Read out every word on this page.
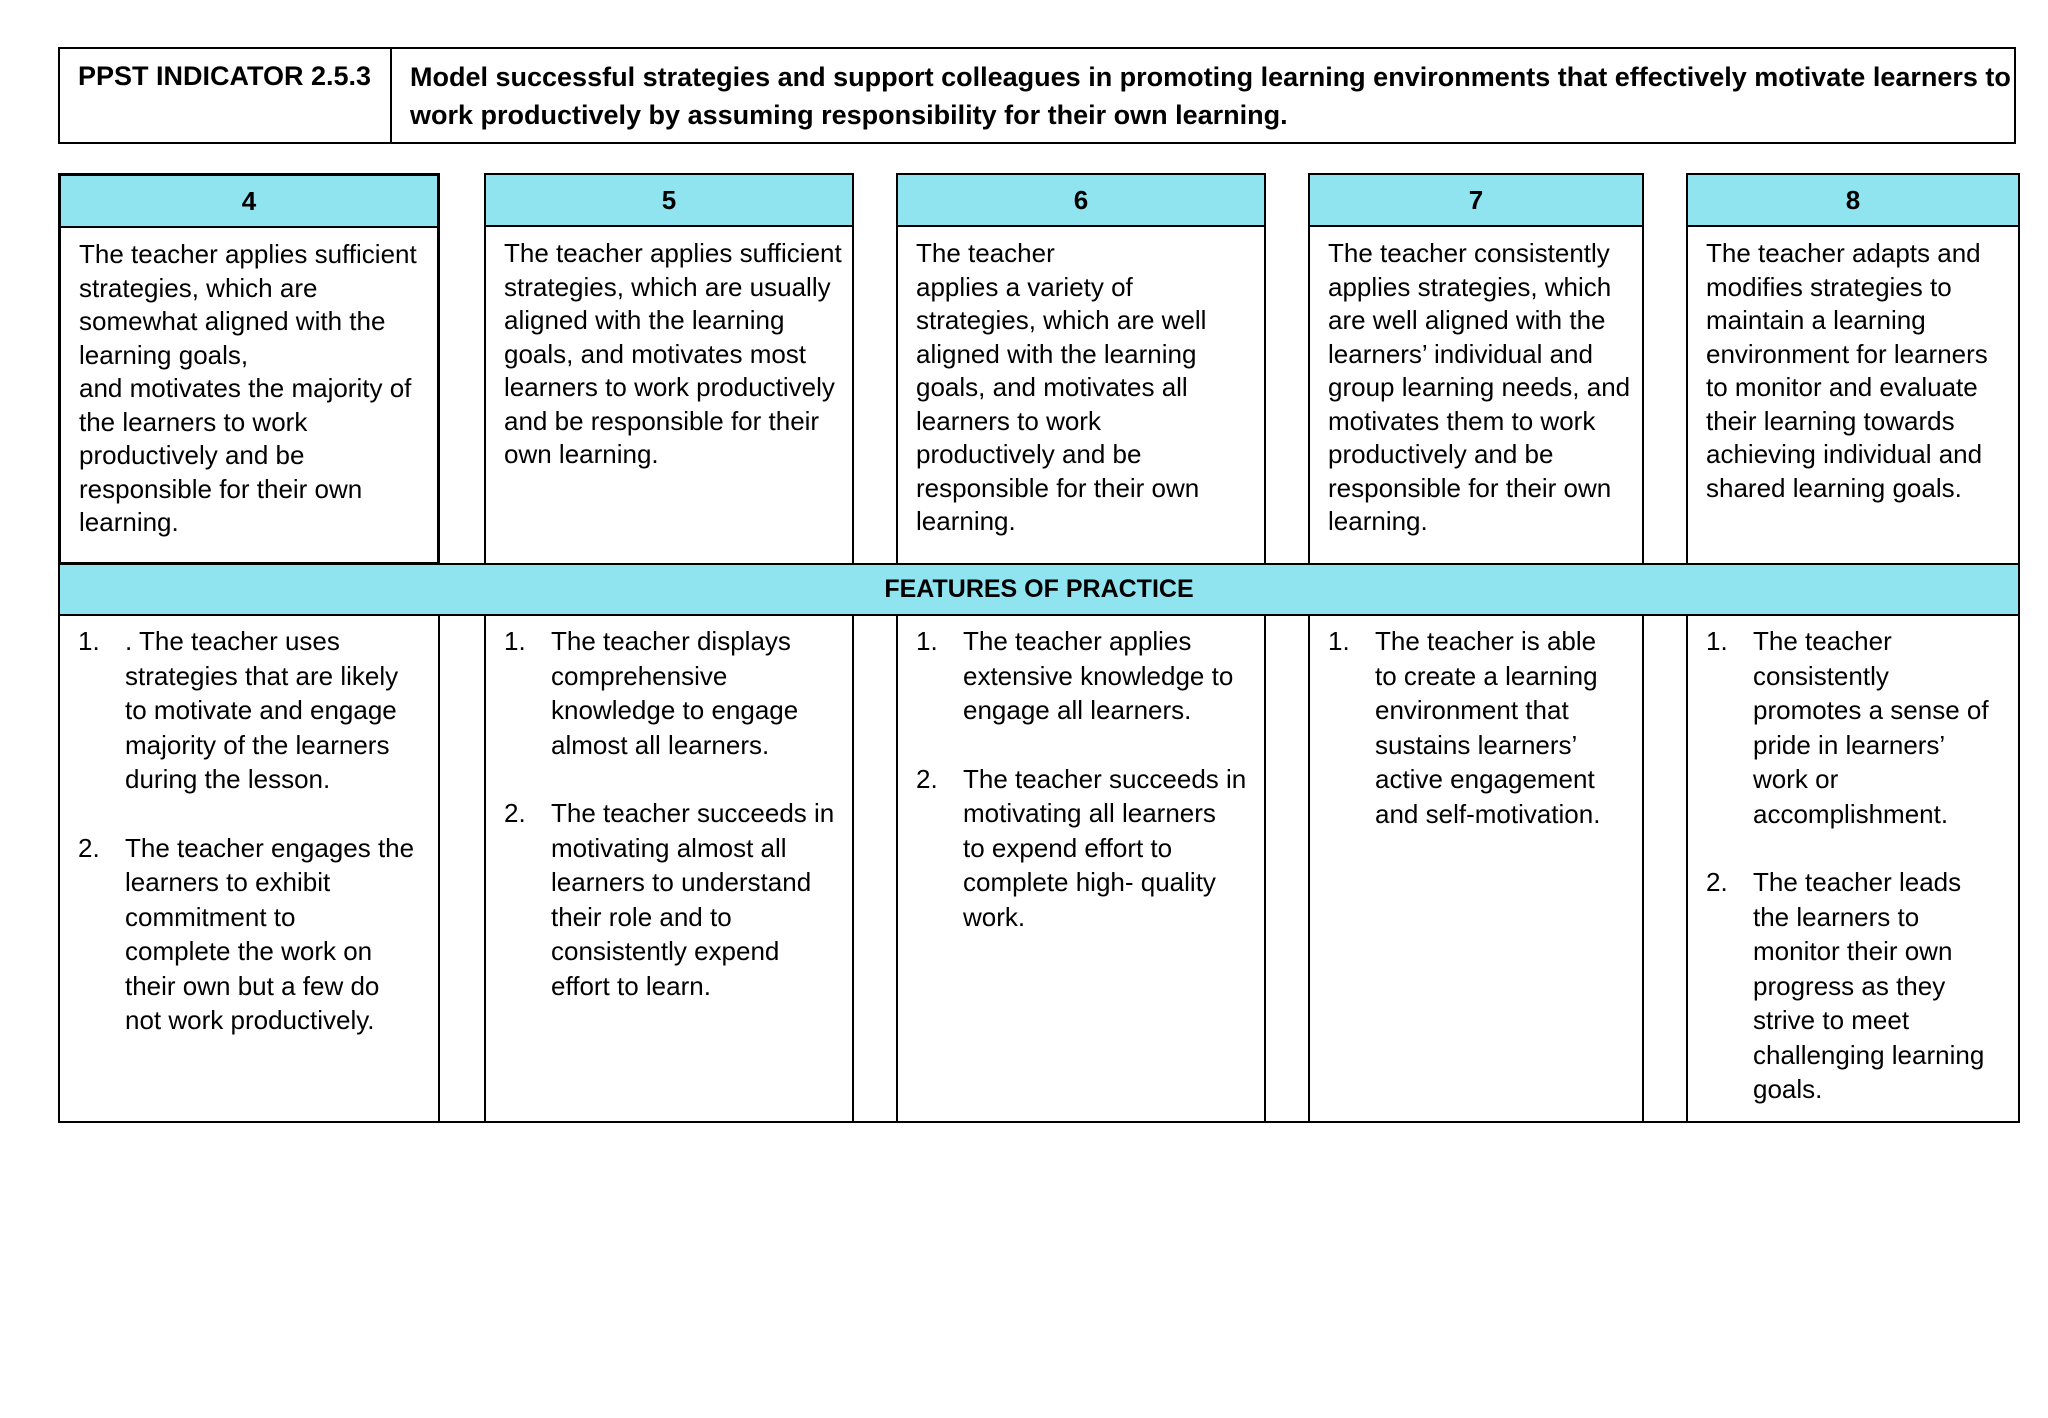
PPST INDICATOR 2.5.3	Model successful strategies and support colleagues in promoting learning environments that effectively motivate learners to work productively by assuming responsibility for their own learning.
4
The teacher applies sufficient
strategies, which are
somewhat aligned with the
learning goals,
and motivates the majority of
the learners to work
productively and be
responsible for their own
learning.
5
The teacher applies sufficient
strategies, which are usually
aligned with the learning
goals, and motivates most
learners to work productively
and be responsible for their
own learning.
6
The teacher
applies a variety of
strategies, which are well
aligned with the learning
goals, and motivates all
learners to work
productively and be
responsible for their own
learning.
7
The teacher consistently
applies strategies, which
are well aligned with the
learners’ individual and
group learning needs, and
motivates them to work
productively and be
responsible for their own
learning.
8
The teacher adapts and
modifies strategies to
maintain a learning
environment for learners
to monitor and evaluate
their learning towards
achieving individual and
shared learning goals.
FEATURES OF PRACTICE
1. . The teacher uses
strategies that are likely
to motivate and engage
majority of the learners
during the lesson.
2. The teacher engages the
learners to exhibit
commitment to
complete the work on
their own but a few do
not work productively.
1. The teacher displays
comprehensive
knowledge to engage
almost all learners.
2. The teacher succeeds in
motivating almost all
learners to understand
their role and to
consistently expend
effort to learn.
1. The teacher applies
extensive knowledge to
engage all learners.
2. The teacher succeeds in
motivating all learners
to expend effort to
complete high- quality
work.
1. The teacher is able
to create a learning
environment that
sustains learners’
active engagement
and self-motivation.
1. The teacher
consistently
promotes a sense of
pride in learners’
work or
accomplishment.
2. The teacher leads
the learners to
monitor their own
progress as they
strive to meet
challenging learning
goals.
